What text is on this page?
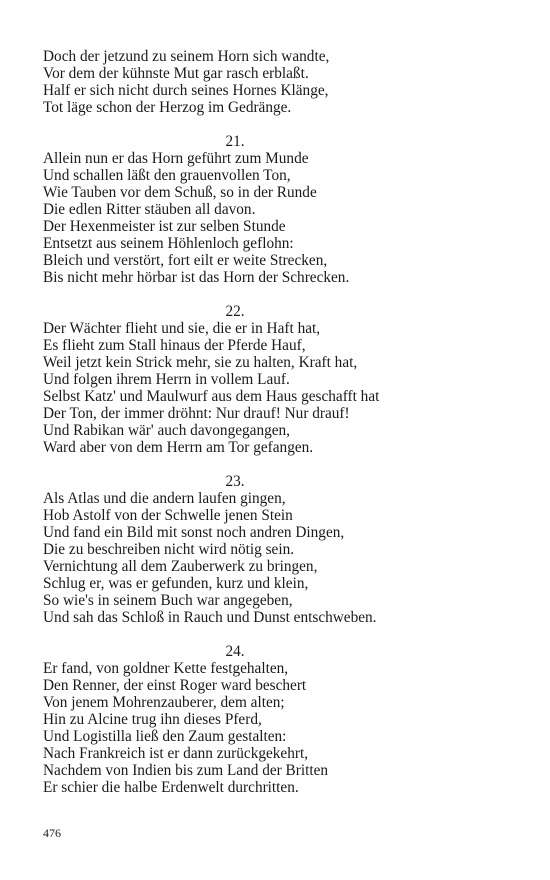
Doch der jetzund zu seinem Horn sich wandte,
Vor dem der kühnste Mut gar rasch erblaßt.
Half er sich nicht durch seines Hornes Klänge,
Tot läge schon der Herzog im Gedränge.
21.
Allein nun er das Horn geführt zum Munde
Und schallen läßt den grauenvollen Ton,
Wie Tauben vor dem Schuß, so in der Runde
Die edlen Ritter stäuben all davon.
Der Hexenmeister ist zur selben Stunde
Entsetzt aus seinem Höhlenloch geflohn:
Bleich und verstört, fort eilt er weite Strecken,
Bis nicht mehr hörbar ist das Horn der Schrecken.
22.
Der Wächter flieht und sie, die er in Haft hat,
Es flieht zum Stall hinaus der Pferde Hauf,
Weil jetzt kein Strick mehr, sie zu halten, Kraft hat,
Und folgen ihrem Herrn in vollem Lauf.
Selbst Katz' und Maulwurf aus dem Haus geschafft hat
Der Ton, der immer dröhnt: Nur drauf! Nur drauf!
Und Rabikan wär' auch davongegangen,
Ward aber von dem Herrn am Tor gefangen.
23.
Als Atlas und die andern laufen gingen,
Hob Astolf von der Schwelle jenen Stein
Und fand ein Bild mit sonst noch andren Dingen,
Die zu beschreiben nicht wird nötig sein.
Vernichtung all dem Zauberwerk zu bringen,
Schlug er, was er gefunden, kurz und klein,
So wie's in seinem Buch war angegeben,
Und sah das Schloß in Rauch und Dunst entschweben.
24.
Er fand, von goldner Kette festgehalten,
Den Renner, der einst Roger ward beschert
Von jenem Mohrenzauberer, dem alten;
Hin zu Alcine trug ihn dieses Pferd,
Und Logistilla ließ den Zaum gestalten:
Nach Frankreich ist er dann zurückgekehrt,
Nachdem von Indien bis zum Land der Britten
Er schier die halbe Erdenwelt durchritten.
476
